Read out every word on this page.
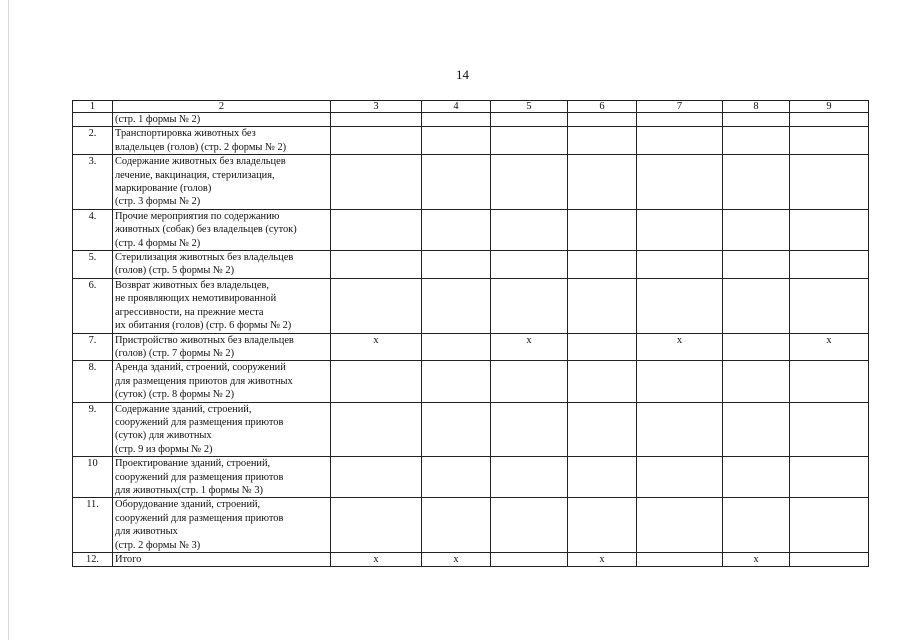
14
1	2	3	4	5	6	7	8	9
	(стр. 1 формы № 2)							
2.	Транспортировка животных без
владельцев (голов) (стр. 2 формы № 2)							
3.	Содержание животных без владельцев
лечение, вакцинация, стерилизация,
маркирование (голов)
(стр. 3 формы № 2)							
4.	Прочие мероприятия по содержанию
животных (собак) без владельцев (суток)
(стр. 4 формы № 2)							
5.	Стерилизация животных без владельцев
(голов) (стр. 5 формы № 2)							
6.	Возврат животных без владельцев,
не проявляющих немотивированной
агрессивности, на прежние места
их обитания (голов) (стр. 6 формы № 2)							
7.	Пристройство животных без владельцев
(голов) (стр. 7 формы № 2)	x		x		x		x
8.	Аренда зданий, строений, сооружений
для размещения приютов для животных
(суток) (стр. 8 формы № 2)							
9.	Содержание зданий, строений,
сооружений для размещения приютов
(суток) для животных
(стр. 9 из формы № 2)							
10	Проектирование зданий, строений,
сооружений для размещения приютов
для животных(стр. 1 формы № 3)							
11.	Оборудование зданий, строений,
сооружений для размещения приютов
для животных
(стр. 2 формы № 3)							
12.	Итого	x	x		x		x	
